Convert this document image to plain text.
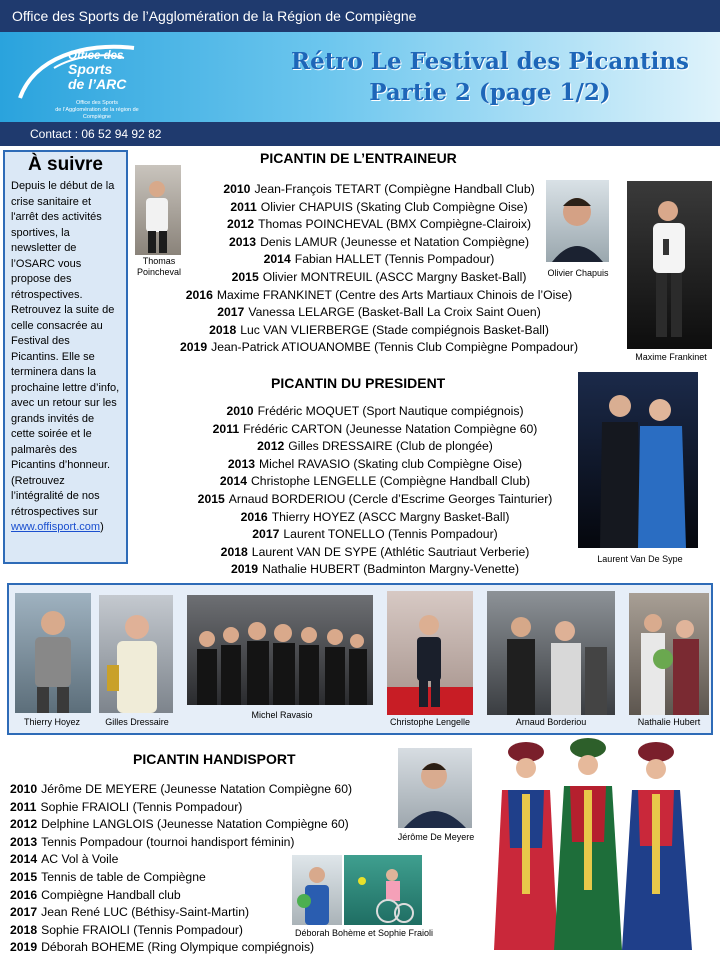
Office des Sports de l’Agglomération de la Région de Compiègne
Office des
Sports
de l’ARC
Office des Sports
de l’Agglomération de la région de Compiègne
Rétro Le Festival des Picantins
Partie 2 (page 1/2)
Contact : 06 52 94 92 82
À suivre

Depuis le début de la crise sanitaire et l'arrêt des activités sportives, la newsletter de l’OSARC vous propose des rétrospectives. Retrouvez la suite de celle consacrée au Festival des Picantins. Elle se terminera dans la prochaine lettre d’info, avec un retour sur les grands invités de cette soirée et le palmarès des Picantins d’honneur. (Retrouvez l’intégralité de nos rétrospectives sur www.offisport.com)

PICANTIN DE L’ENTRAINEUR
2010 Jean-François TETART (Compiègne Handball Club)
2011 Olivier CHAPUIS (Skating Club Compiègne Oise)
2012 Thomas POINCHEVAL (BMX Compiègne-Clairoix)
2013 Denis LAMUR (Jeunesse et Natation Compiègne)
2014 Fabian HALLET (Tennis Pompadour)
2015 Olivier MONTREUIL (ASCC Margny Basket-Ball)
2016 Maxime FRANKINET (Centre des Arts Martiaux Chinois de l’Oise)
2017 Vanessa LELARGE (Basket-Ball La Croix Saint Ouen)
2018 Luc VAN VLIERBERGE (Stade compiégnois Basket-Ball)
2019 Jean-Patrick ATIOUANOMBE (Tennis Club Compiègne Pompadour)
Thomas
Poincheval	Olivier Chapuis
Maxime Frankinet
PICANTIN DU PRESIDENT
2010 Frédéric MOQUET (Sport Nautique compiégnois)
2011 Frédéric CARTON (Jeunesse Natation Compiègne 60)
2012 Gilles DRESSAIRE (Club de plongée)
2013 Michel RAVASIO (Skating club Compiègne Oise)
2014 Christophe LENGELLE (Compiègne Handball Club)
2015 Arnaud BORDERIOU (Cercle d’Escrime Georges Tainturier)
2016 Thierry HOYEZ (ASCC Margny Basket-Ball)
2017 Laurent TONELLO (Tennis Pompadour)
2018 Laurent VAN DE SYPE (Athlétic Sautriaut Verberie)
2019 Nathalie HUBERT (Badminton Margny-Venette)
Laurent Van De Sype
Thierry Hoyez	Gilles Dressaire
Michel Ravasio
Christophe Lengelle	Arnaud Borderiou	Nathalie Hubert
PICANTIN HANDISPORT
2010 Jérôme DE MEYERE (Jeunesse Natation Compiègne 60)
2011 Sophie FRAIOLI (Tennis Pompadour)
2012 Delphine LANGLOIS (Jeunesse Natation Compiègne 60)
2013 Tennis Pompadour (tournoi handisport féminin)
2014 AC Vol à Voile
2015 Tennis de table de Compiègne
2016 Compiègne Handball club
2017 Jean René LUC (Béthisy-Saint-Martin)
2018 Sophie FRAIOLI (Tennis Pompadour)
2019 Déborah BOHEME (Ring Olympique compiégnois)
Jérôme De Meyere
Déborah Bohème et Sophie Fraioli
